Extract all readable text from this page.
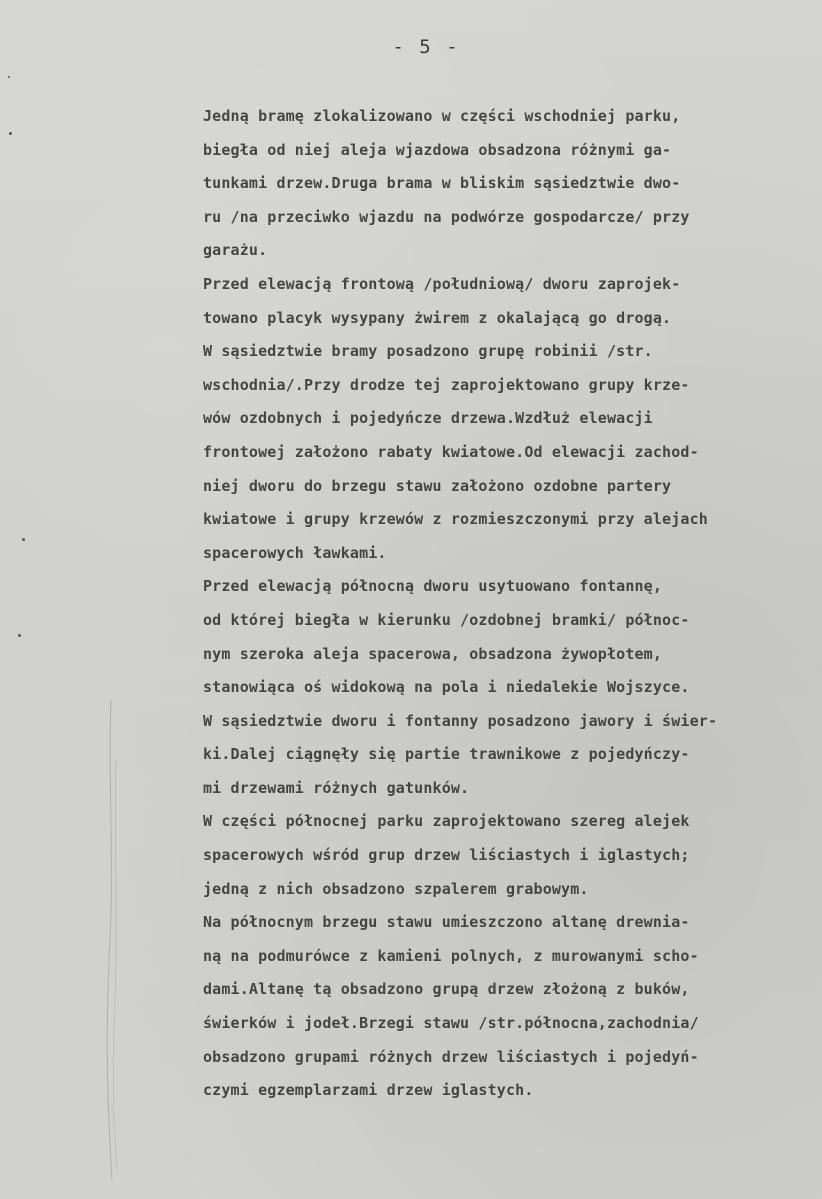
- 5 -
Jedną bramę zlokalizowano w części wschodniej parku,
biegła od niej aleja wjazdowa obsadzona różnymi ga-
tunkami drzew.Druga brama w bliskim sąsiedztwie dwo-
ru /na przeciwko wjazdu na podwórze gospodarcze/ przy
garażu.
Przed elewacją frontową /południową/ dworu zaprojek-
towano placyk wysypany żwirem z okalającą go drogą.
W sąsiedztwie bramy posadzono grupę robinii /str.
wschodnia/.Przy drodze tej zaprojektowano grupy krze-
wów ozdobnych i pojedyńcze drzewa.Wzdłuż elewacji
frontowej założono rabaty kwiatowe.Od elewacji zachod-
niej dworu do brzegu stawu założono ozdobne partery
kwiatowe i grupy krzewów z rozmieszczonymi przy alejach
spacerowych ławkami.
Przed elewacją północną dworu usytuowano fontannę,
od której biegła w kierunku /ozdobnej bramki/ północ-
nym szeroka aleja spacerowa, obsadzona żywopłotem,
stanowiąca oś widokową na pola i niedalekie Wojszyce.
W sąsiedztwie dworu i fontanny posadzono jawory i świer-
ki.Dalej ciągnęły się partie trawnikowe z pojedyńczy-
mi drzewami różnych gatunków.
W części północnej parku zaprojektowano szereg alejek
spacerowych wśród grup drzew liściastych i iglastych;
jedną z nich obsadzono szpalerem grabowym.
Na północnym brzegu stawu umieszczono altanę drewnia-
ną na podmurówce z kamieni polnych, z murowanymi scho-
dami.Altanę tą obsadzono grupą drzew złożoną z buków,
świerków i jodeł.Brzegi stawu /str.północna,zachodnia/
obsadzono grupami różnych drzew liściastych i pojedyń-
czymi egzemplarzami drzew iglastych.
